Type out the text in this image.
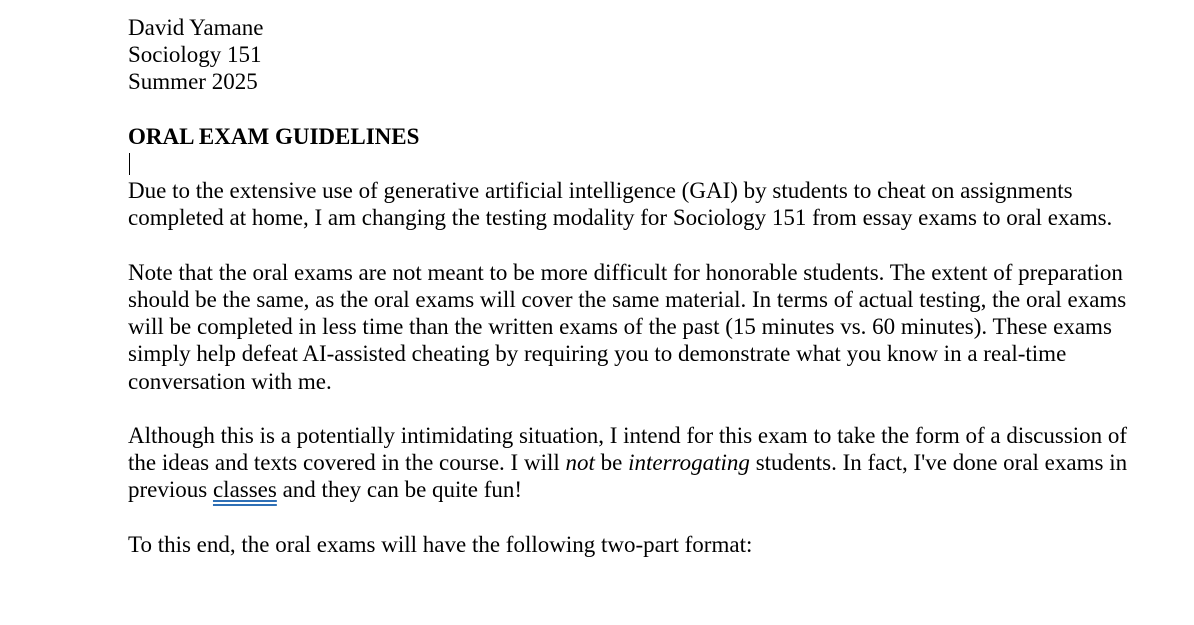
David Yamane

Sociology 151

Summer 2025

ORAL EXAM GUIDELINES

Due to the extensive use of generative artificial intelligence (GAI) by students to cheat on assignments completed at home, I am changing the testing modality for Sociology 151 from essay exams to oral exams.

Note that the oral exams are not meant to be more difficult for honorable students. The extent of preparation should be the same, as the oral exams will cover the same material. In terms of actual testing, the oral exams will be completed in less time than the written exams of the past (15 minutes vs. 60 minutes). These exams simply help defeat AI-assisted cheating by requiring you to demonstrate what you know in a real-time conversation with me.

Although this is a potentially intimidating situation, I intend for this exam to take the form of a discussion of the ideas and texts covered in the course. I will not be interrogating students. In fact, I've done oral exams in previous classes and they can be quite fun!

To this end, the oral exams will have the following two-part format:
